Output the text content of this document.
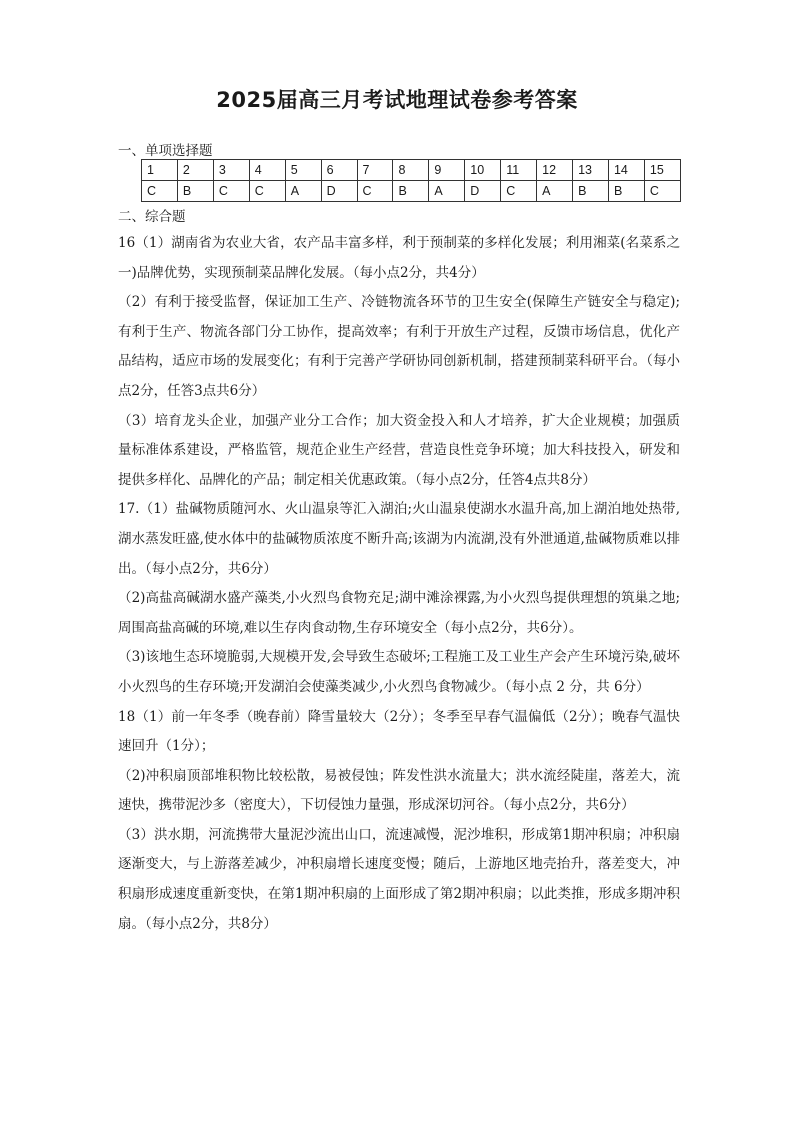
2025届高三月考试地理试卷参考答案
一、单项选择题
1	2	3	4	5	6	7	8	9	10	11	12	13	14	15
C	B	C	C	A	D	C	B	A	D	C	A	B	B	C
二、综合题

16（1）湖南省为农业大省，农产品丰富多样，利于预制菜的多样化发展；利用湘菜(名菜系之一)品牌优势，实现预制菜品牌化发展。（每小点2分，共4分）

（2）有利于接受监督，保证加工生产、冷链物流各环节的卫生安全(保障生产链安全与稳定);有利于生产、物流各部门分工协作，提高效率；有利于开放生产过程，反馈市场信息，优化产品结构，适应市场的发展变化；有利于完善产学研协同创新机制，搭建预制菜科研平台。（每小点2分，任答3点共6分）

（3）培育龙头企业，加强产业分工合作；加大资金投入和人才培养，扩大企业规模；加强质量标准体系建设，严格监管，规范企业生产经营，营造良性竞争环境；加大科技投入，研发和提供多样化、品牌化的产品；制定相关优惠政策。（每小点2分，任答4点共8分）

17.（1）盐碱物质随河水、火山温泉等汇入湖泊;火山温泉使湖水水温升高,加上湖泊地处热带,湖水蒸发旺盛,使水体中的盐碱物质浓度不断升高;该湖为内流湖,没有外泄通道,盐碱物质难以排出。（每小点2分，共6分）

（2)高盐高碱湖水盛产藻类,小火烈鸟食物充足;湖中滩涂裸露,为小火烈鸟提供理想的筑巢之地;周围高盐高碱的环境,难以生存肉食动物,生存环境安全（每小点2分，共6分）。

（3)该地生态环境脆弱,大规模开发,会导致生态破坏;工程施工及工业生产会产生环境污染,破坏小火烈鸟的生存环境;开发湖泊会使藻类减少,小火烈鸟食物减少。（每小点 2 分，共 6分）

18（1）前一年冬季（晚春前）降雪量较大（2分）；冬季至早春气温偏低（2分）；晚春气温快速回升（1分）；

（2)冲积扇顶部堆积物比较松散，易被侵蚀；阵发性洪水流量大；洪水流经陡崖，落差大，流速快，携带泥沙多（密度大），下切侵蚀力量强，形成深切河谷。（每小点2分，共6分）

（3）洪水期，河流携带大量泥沙流出山口，流速减慢，泥沙堆积，形成第1期冲积扇；冲积扇逐渐变大，与上游落差减少，冲积扇增长速度变慢；随后，上游地区地壳抬升，落差变大，冲积扇形成速度重新变快，在第1期冲积扇的上面形成了第2期冲积扇；以此类推，形成多期冲积扇。（每小点2分，共8分）
